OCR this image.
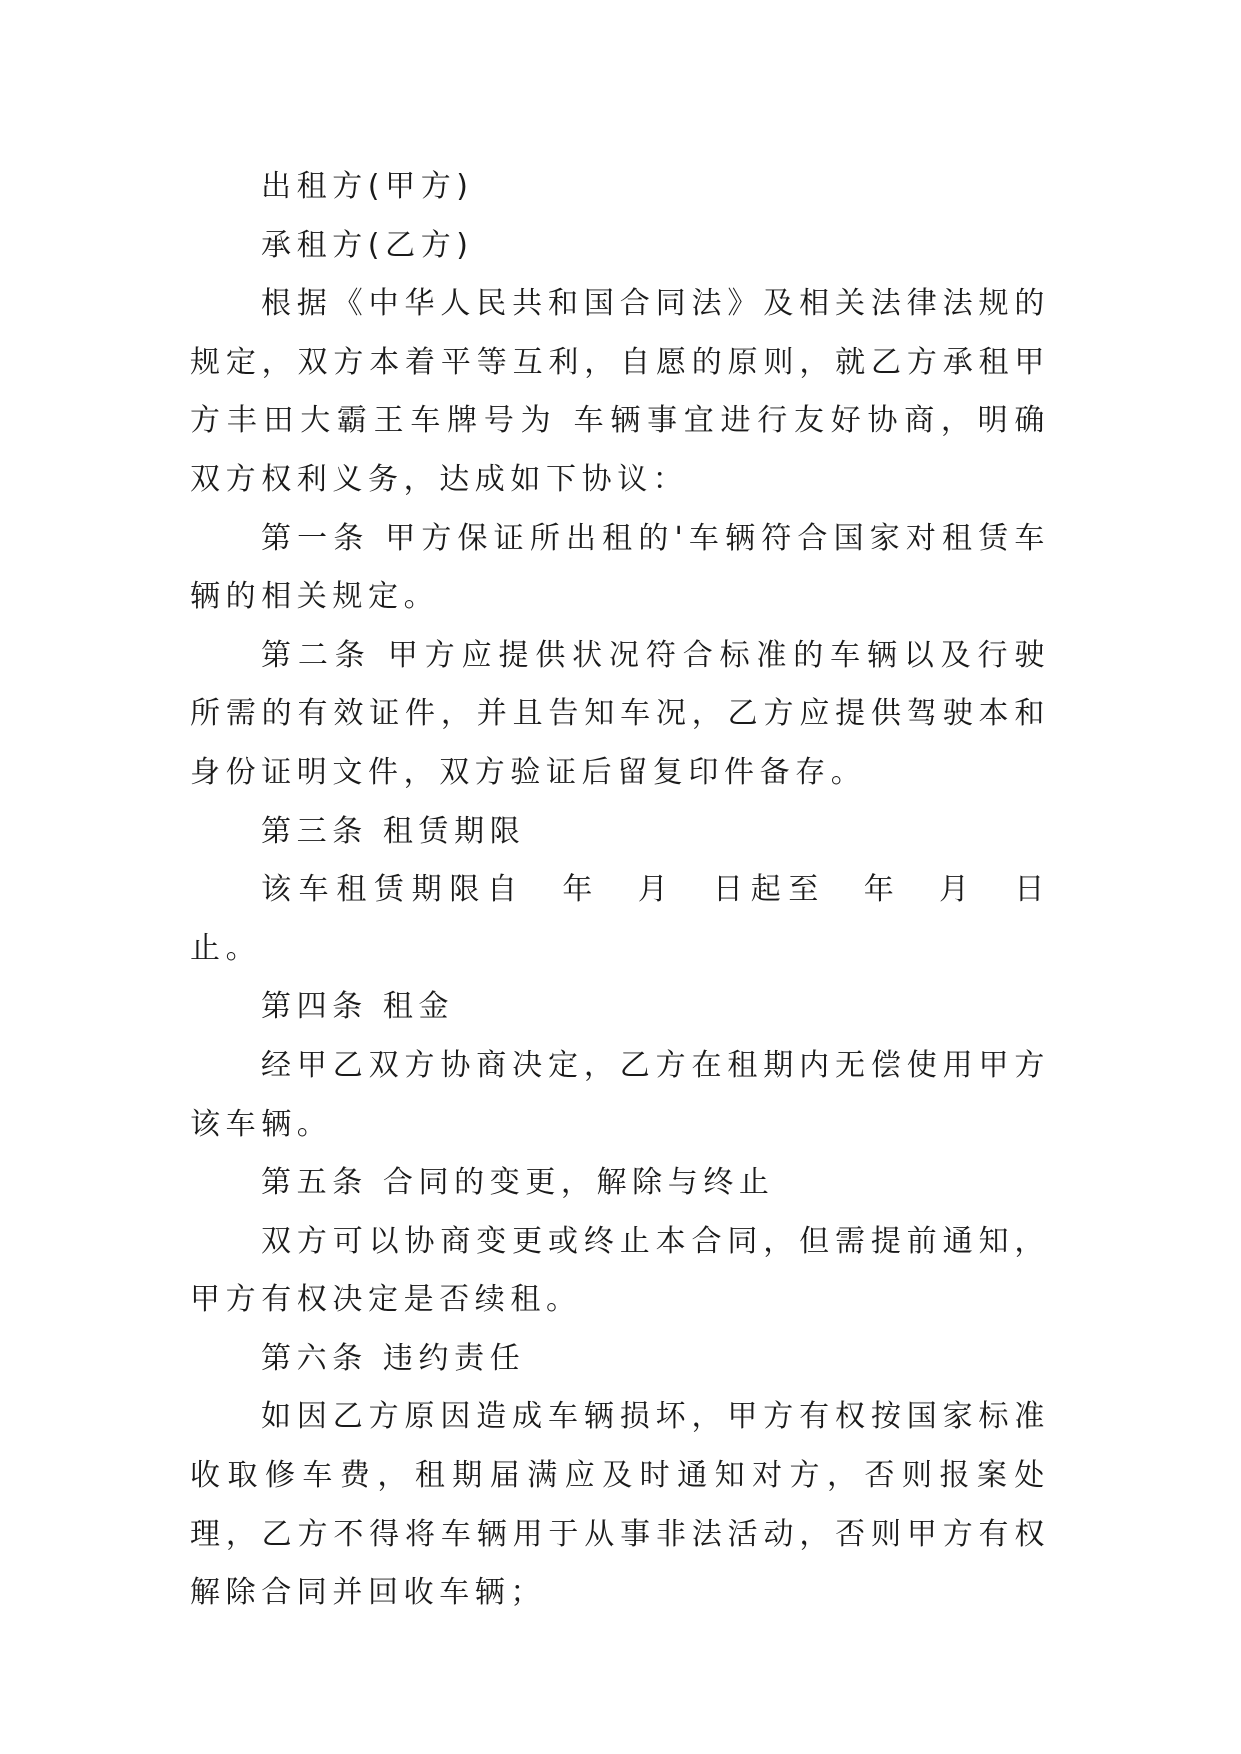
出租方(甲方)

承租方(乙方)

根据《中华人民共和国合同法》及相关法律法规的规定，双方本着平等互利，自愿的原则，就乙方承租甲方丰田大霸王车牌号为 车辆事宜进行友好协商，明确双方权利义务，达成如下协议：

第一条 甲方保证所出租的'车辆符合国家对租赁车辆的相关规定。

第二条 甲方应提供状况符合标准的车辆以及行驶所需的有效证件，并且告知车况，乙方应提供驾驶本和身份证明文件，双方验证后留复印件备存。

第三条 租赁期限

该车租赁期限自　年　月　日起至　年　月　日止。

第四条 租金

经甲乙双方协商决定，乙方在租期内无偿使用甲方该车辆。

第五条 合同的变更，解除与终止

双方可以协商变更或终止本合同，但需提前通知，甲方有权决定是否续租。

第六条 违约责任

如因乙方原因造成车辆损坏，甲方有权按国家标准收取修车费，租期届满应及时通知对方，否则报案处理，乙方不得将车辆用于从事非法活动，否则甲方有权解除合同并回收车辆；
